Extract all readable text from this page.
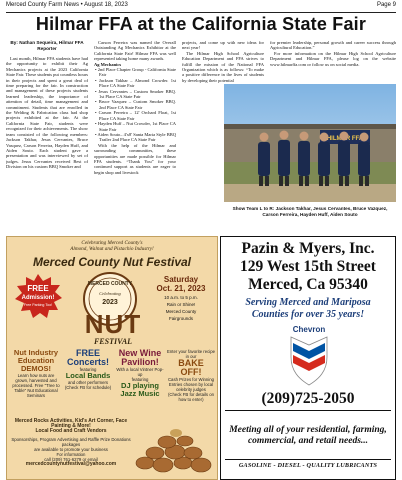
Merced County Farm News • August 18, 2023	Page 9
Hilmar FFA at the California State Fair
By: Nathan Sequeira, Hilmar FFA Reporter

Last month, Hilmar FFA students have had the opportunity to exhibit their Ag Mechanics projects at the 2023 California State Fair. These students put countless hours in their projects and spent a great deal of time preparing for the fair. In construction and management of these projects students learned leadership, the importance of attention of detail, time management and commitment. Students that are enrolled in the Welding & Fabrication class had shop projects exhibited at the fair. At the California State Fair, students were recognized for their achievements. The show team consisted of the following members: Jackson Takhar, Jesus Cervantes, Bruce Vasquez, Carson Ferreira, Hayden Huff, and Aiden Souto. Each student gave a presentation and was interviewed by set of judges. Jesus Cervantes received Best of Division on his custom BBQ Smoker and

Carson Ferreira was named the Overall Outstanding Ag Mechanics Exhibitor at the California State Fair! Hilmar FFA was well represented taking home many awards.

Ag Mechanics
• 2nd Place Chapter Group - California State Fair
• Jackson Takhar – Almond Crowder. 1st Place CA State Fair
• Jesus Cervantes – Custom Smoker BBQ. 1st Place CA State Fair
• Bruce Vazquez – Custom Smoker BBQ. 2nd Place CA State Fair
• Carson Ferreira – 12' Orchard Float, 1st Place CA State Fair
• Hayden Huff – Nut Crowder, 1st Place CA State Fair
• Aiden Souto– 4'x8' Santa Maria Style BBQ Trailer 2nd Place CA State Fair

With the help of the Hilmar and surrounding communities, these opportunities are made possible for Hilmar FFA students. “Thank You” for your continued support as students are eager to begin shop and livestock

projects, and come up with new ideas for next year!

The Hilmar High School Agriculture Education Department and FFA strives to fulfill the mission of the National FFA Organization which is as follows: “To make a positive difference in the lives of students by developing their potential

for premier leadership, personal growth and career success through Agricultural Education.”

For more information on the Hilmar High School Agriculture Department and Hilmar FFA, please log on the website www.hilmarffa.com or follow us on social media.

HILMAR FFA
Show Team L to R: Jackson Takhar, Jesus Cervantes, Bruce Vazquez, Carson Ferreira, Hayden Huff, Aiden Souto
Celebrating Merced County's
Almond, Walnut and Pistachio Industry!
Merced County Nut Festival
FREE
Admission!
Free Parking Too!
MERCED COUNTY
Celebrating
2023
NUT
FESTIVAL
Saturday
Oct. 21, 2023
10 a.m. to 5 p.m.
Rain or Shine!
Merced County
Fairgrounds
Nut Industry
Education
DEMOS!
Learn how nuts are grown, harvested and processed. Free "Tree to Table" Nut Educational Seminars
FREE
Concerts!
featuring
Local Bands
and other performers
(Check FB for schedule)
New Wine
Pavilion!
With a local Vintner Pop-up
featuring
DJ playing
Jazz Music
Enter your favorite recipe in our
BAKE OFF!
Cash Prizes for Winning Entries chosen by local celebrity judges
(Check FB for details on how to enter)
Merced Rocks Activities, Kid's Art Corner, Face Painting & More!
Local Food and Craft Vendors
Sponsorships, Program Advertising and Raffle Prize Donations packages
are available to promote your business
For information
call (209) 761-6279 or email
mercedcountynutfestival@yahoo.com
Pazin & Myers, Inc.
129 West 15th Street
Merced, Ca 95340
Serving Merced and Mariposa Counties for over 35 years!
Chevron
(209)725-2050
Meeting all of your residential, farming, commercial, and retail needs...
GASOLINE - DIESEL - QUALITY LUBRICANTS
